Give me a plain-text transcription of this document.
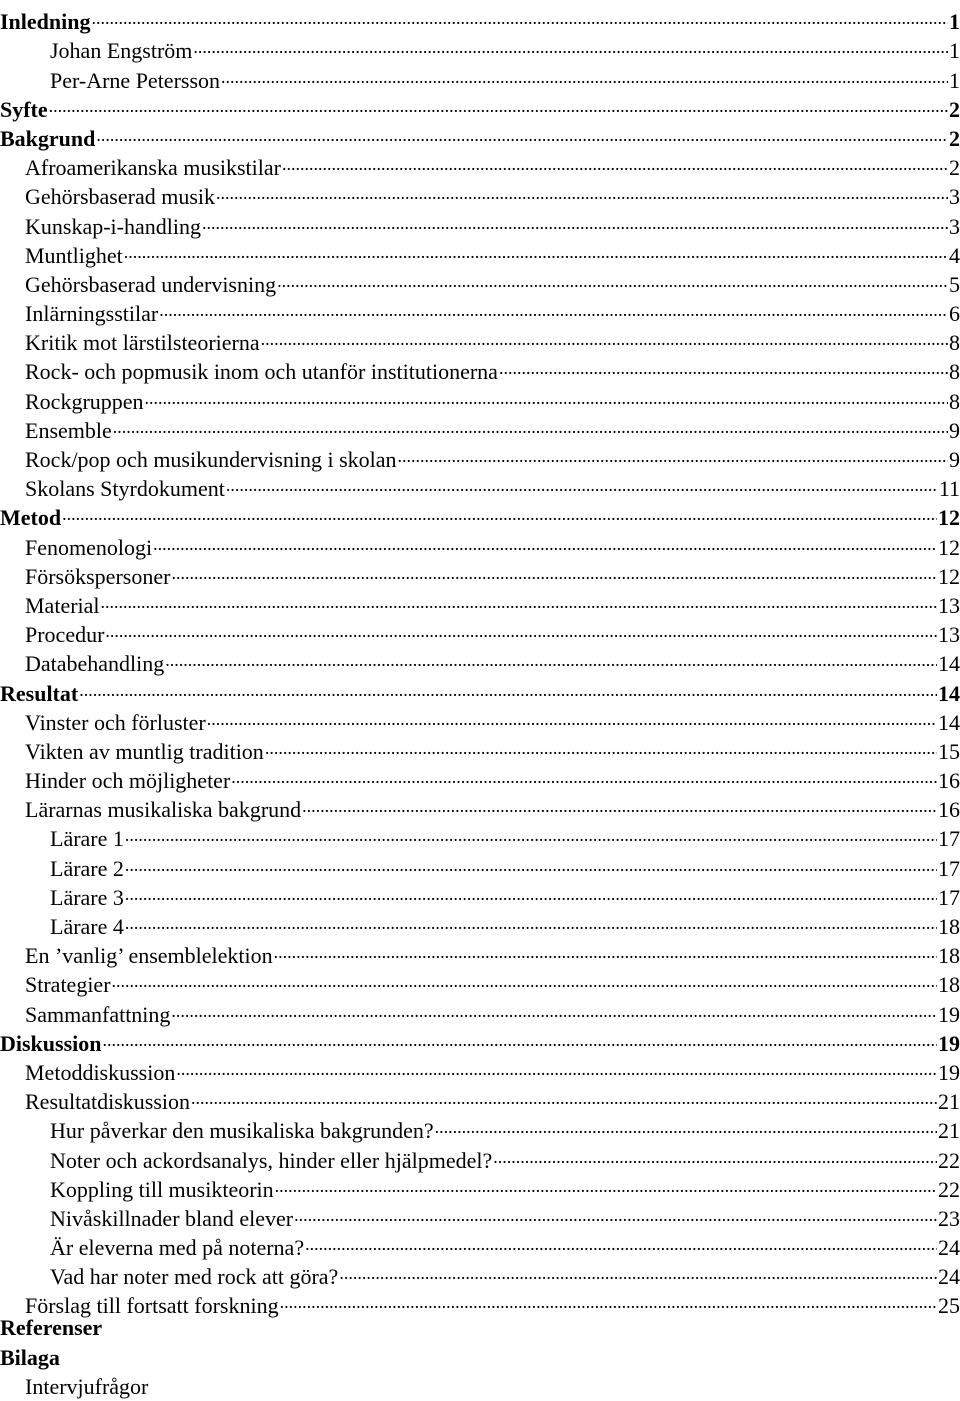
Inledning .....	1
Johan Engström .....	1
Per-Arne Petersson .....	1
Syfte .....	2
Bakgrund .....	2
Afroamerikanska musikstilar .....	2
Gehörsbaserad musik .....	3
Kunskap-i-handling .....	3
Muntlighet .....	4
Gehörsbaserad undervisning .....	5
Inlärningsstilar .....	6
Kritik mot lärstilsteorierna .....	8
Rock- och popmusik inom och utanför institutionerna .....	8
Rockgruppen .....	8
Ensemble .....	9
Rock/pop och musikundervisning i skolan .....	9
Skolans Styrdokument .....	11
Metod .....	12
Fenomenologi .....	12
Försökspersoner .....	12
Material .....	13
Procedur .....	13
Databehandling .....	14
Resultat .....	14
Vinster och förluster .....	14
Vikten av muntlig tradition .....	15
Hinder och möjligheter .....	16
Lärarnas musikaliska bakgrund .....	16
Lärare 1 .....	17
Lärare 2 .....	17
Lärare 3 .....	17
Lärare 4 .....	18
En ’vanlig’ ensemblelektion .....	18
Strategier .....	18
Sammanfattning .....	19
Diskussion .....	19
Metoddiskussion .....	19
Resultatdiskussion .....	21
Hur påverkar den musikaliska bakgrunden? .....	21
Noter och ackordsanalys, hinder eller hjälpmedel? .....	22
Koppling till musikteorin .....	22
Nivåskillnader bland elever .....	23
Är eleverna med på noterna? .....	24
Vad har noter med rock att göra? .....	24
Förslag till fortsatt forskning .....	25
Referenser
Bilaga
Intervjufrågor
